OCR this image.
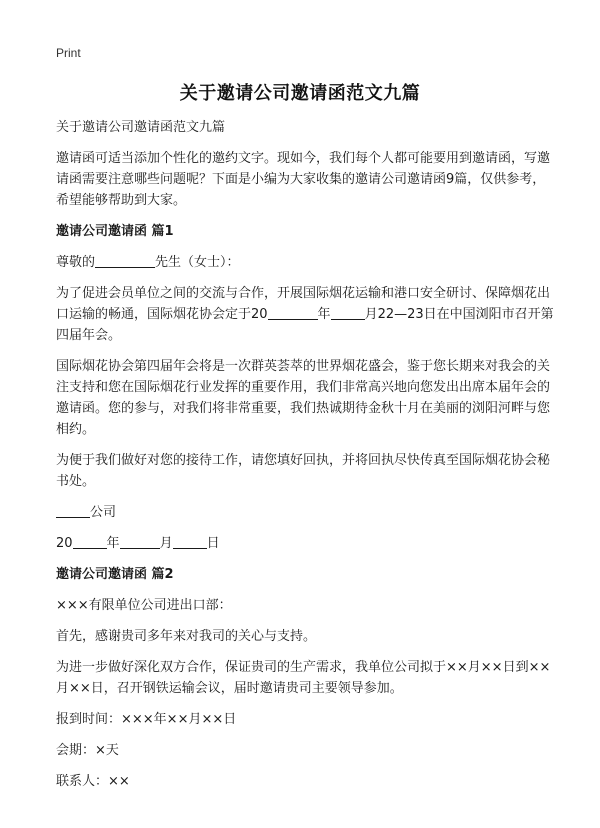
Print
关于邀请公司邀请函范文九篇

关于邀请公司邀请函范文九篇

邀请函可适当添加个性化的邀约文字。现如今，我们每个人都可能要用到邀请函，写邀请函需要注意哪些问题呢？下面是小编为大家收集的邀请公司邀请函9篇，仅供参考，希望能够帮助到大家。

邀请公司邀请函 篇1

尊敬的	先生（女士）：

为了促进会员单位之间的交流与合作，开展国际烟花运输和港口安全研讨、保障烟花出口运输的畅通，国际烟花协会定于20	年	月22—23日在中国浏阳市召开第四届年会。

国际烟花协会第四届年会将是一次群英荟萃的世界烟花盛会，鉴于您长期来对我会的关注支持和您在国际烟花行业发挥的重要作用，我们非常高兴地向您发出出席本届年会的邀请函。您的参与，对我们将非常重要，我们热诚期待金秋十月在美丽的浏阳河畔与您相约。

为便于我们做好对您的接待工作，请您填好回执，并将回执尽快传真至国际烟花协会秘书处。

公司

20	年	月	日

邀请公司邀请函 篇2

×××有限单位公司进出口部：

首先，感谢贵司多年来对我司的关心与支持。

为进一步做好深化双方合作，保证贵司的生产需求，我单位公司拟于××月××日到××月××日，召开钢铁运输会议，届时邀请贵司主要领导参加。

报到时间：×××年××月××日

会期：×天

联系人：××
